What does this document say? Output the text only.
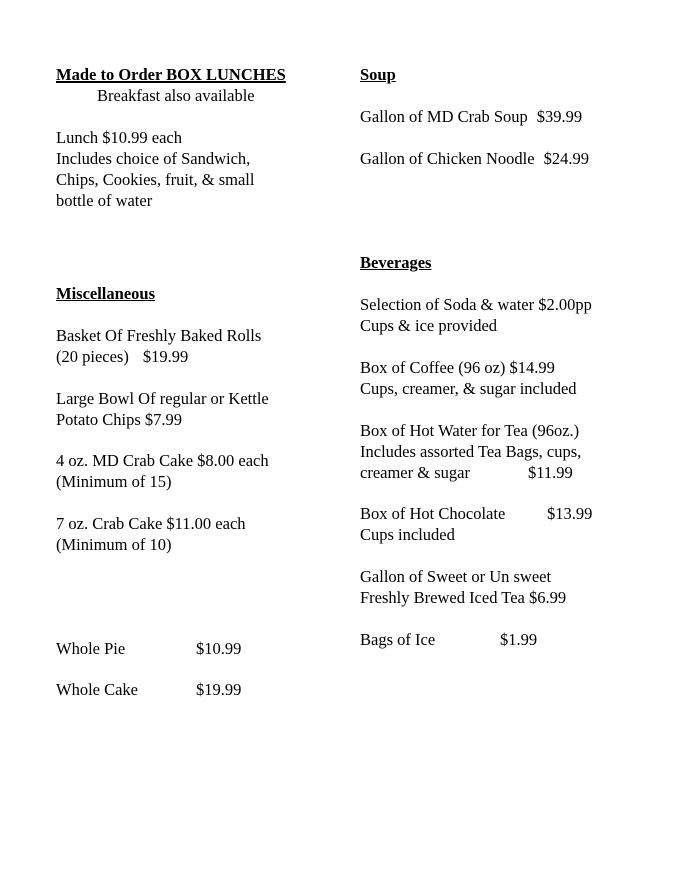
Made to Order BOX LUNCHES
Breakfast also available
Lunch $10.99 each
Includes choice of Sandwich,
Chips, Cookies, fruit, & small
bottle of water
Miscellaneous
Basket Of Freshly Baked Rolls
(20 pieces) $19.99
Large Bowl Of regular or Kettle
Potato Chips $7.99
4 oz. MD Crab Cake $8.00 each
(Minimum of 15)
7 oz. Crab Cake $11.00 each
(Minimum of 10)
Whole Pie	$10.99
Whole Cake	$19.99
Soup
Gallon of MD Crab Soup $39.99
Gallon of Chicken Noodle $24.99
Beverages
Selection of Soda & water $2.00pp
Cups & ice provided
Box of Coffee (96 oz) $14.99
Cups, creamer, & sugar included
Box of Hot Water for Tea (96oz.)
Includes assorted Tea Bags, cups,
creamer & sugar	$11.99
Box of Hot Chocolate	$13.99
Cups included
Gallon of Sweet or Un sweet
Freshly Brewed Iced Tea $6.99
Bags of Ice	$1.99
